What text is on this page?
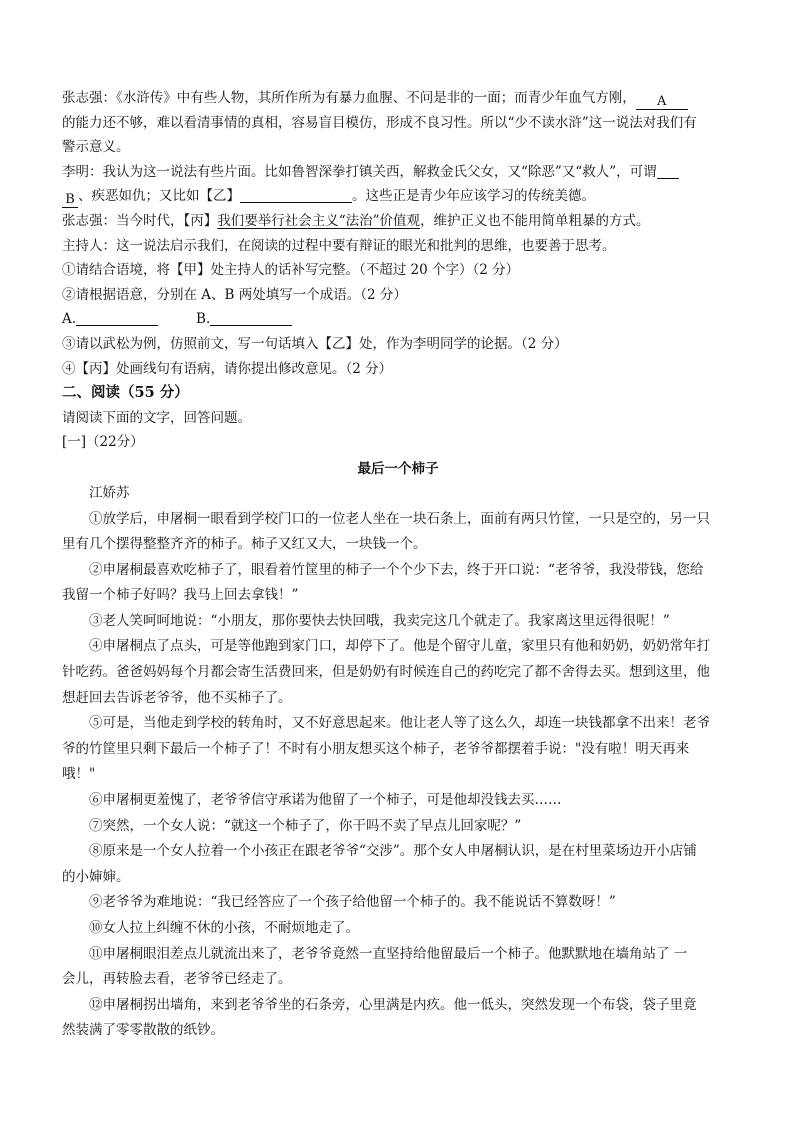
张志强：《水浒传》中有些人物，其所作所为有暴力血腥、不问是非的一面；而青少年血气方刚， A
的能力还不够，难以看清事情的真相，容易盲目模仿，形成不良习性。所以“少不读水浒”这一说法对我们有
警示意义。
李明：我认为这一说法有些片面。比如鲁智深拳打镇关西，解救金氏父女，又“除恶”又“救人”，可谓
B 、疾恶如仇；又比如【乙】	。这些正是青少年应该学习的传统美德。
张志强：当今时代，【丙】我们要举行社会主义“法治”价值观，维护正义也不能用简单粗暴的方式。
主持人：这一说法启示我们，在阅读的过程中要有辩证的眼光和批判的思维，也要善于思考。
①请结合语境，将【甲】处主持人的话补写完整。（不超过 20 个字）（2 分）
②请根据语意，分别在 A、B 两处填写一个成语。（2 分）
A.	B.
③请以武松为例，仿照前文，写一句话填入【乙】处，作为李明同学的论据。（2 分）
④【丙】处画线句有语病，请你提出修改意见。（2 分）
二、阅读（55 分）
请阅读下面的文字，回答问题。
[一]（22分）
最后一个柿子
江娇苏
①放学后，申屠桐一眼看到学校门口的一位老人坐在一块石条上，面前有两只竹筐，一只是空的，另一只
里有几个摆得整整齐齐的柿子。柿子又红又大，一块钱一个。
②申屠桐最喜欢吃柿子了，眼看着竹筐里的柿子一个个少下去，终于开口说：“老爷爷，我没带钱，您给
我留一个柿子好吗？我马上回去拿钱！”
③老人笑呵呵地说：“小朋友，那你要快去快回哦，我卖完这几个就走了。我家离这里远得很呢！”
④申屠桐点了点头，可是等他跑到家门口，却停下了。他是个留守儿童，家里只有他和奶奶，奶奶常年打
针吃药。爸爸妈妈每个月都会寄生活费回来，但是奶奶有时候连自己的药吃完了都不舍得去买。想到这里，他
想赶回去告诉老爷爷，他不买柿子了。
⑤可是，当他走到学校的转角时，又不好意思起来。他让老人等了这么久，却连一块钱都拿不出来！老爷
爷的竹筐里只剩下最后一个柿子了！不时有小朋友想买这个柿子，老爷爷都摆着手说："没有啦！明天再来
哦！"
⑥申屠桐更羞愧了，老爷爷信守承诺为他留了一个柿子，可是他却没钱去买……
⑦突然，一个女人说：“就这一个柿子了，你干吗不卖了早点儿回家呢？”
⑧原来是一个女人拉着一个小孩正在跟老爷爷“交涉”。那个女人申屠桐认识，是在村里菜场边开小店铺
的小婶婶。
⑨老爷爷为难地说：“我已经答应了一个孩子给他留一个柿子的。我不能说话不算数呀！”
⑩女人拉上纠缠不休的小孩，不耐烦地走了。
⑪申屠桐眼泪差点儿就流出来了，老爷爷竟然一直坚持给他留最后一个柿子。他默默地在墙角站了 一
会儿，再转脸去看，老爷爷已经走了。
⑫申屠桐拐出墙角，来到老爷爷坐的石条旁，心里满是内疚。他一低头，突然发现一个布袋，袋子里竟
然装满了零零散散的纸钞。
